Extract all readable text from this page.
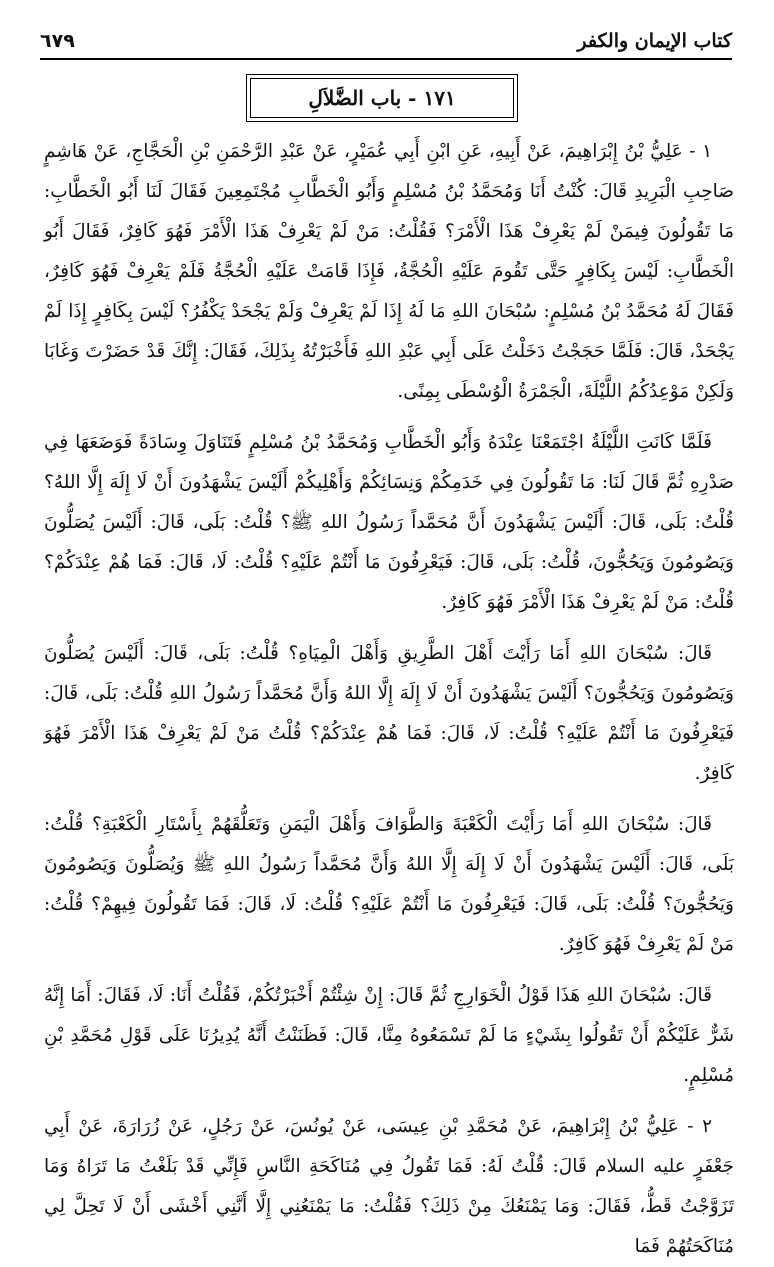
كتاب الإيمان والكفر
٦٧٩
١٧١ - باب الضَّلاَلِ

١ - عَلِيُّ بْنُ إِبْرَاهِيمَ، عَنْ أَبِيهِ، عَنِ ابْنِ أَبِي عُمَيْرٍ، عَنْ عَبْدِ الرَّحْمَنِ بْنِ الْحَجَّاجِ، عَنْ هَاشِمٍ صَاحِبِ الْبَرِيدِ قَالَ: كُنْتُ أَنَا وَمُحَمَّدُ بْنُ مُسْلِمٍ وَأَبُو الْخَطَّابِ مُجْتَمِعِينَ فَقَالَ لَنَا أَبُو الْخَطَّابِ: مَا تَقُولُونَ فِيمَنْ لَمْ يَعْرِفْ هَذَا الْأَمْرَ؟ فَقُلْتُ: مَنْ لَمْ يَعْرِفْ هَذَا الْأَمْرَ فَهُوَ كَافِرٌ، فَقَالَ أَبُو الْخَطَّابِ: لَيْسَ بِكَافِرٍ حَتَّى تَقُومَ عَلَيْهِ الْحُجَّةُ، فَإِذَا قَامَتْ عَلَيْهِ الْحُجَّةُ فَلَمْ يَعْرِفْ فَهُوَ كَافِرٌ، فَقَالَ لَهُ مُحَمَّدُ بْنُ مُسْلِمٍ: سُبْحَانَ اللهِ مَا لَهُ إِذَا لَمْ يَعْرِفْ وَلَمْ يَجْحَدْ يَكْفُرُ؟ لَيْسَ بِكَافِرٍ إِذَا لَمْ يَجْحَدْ، قَالَ: فَلَمَّا حَجَجْتُ دَخَلْتُ عَلَى أَبِي عَبْدِ اللهِ فَأَخْبَرْتُهُ بِذَلِكَ، فَقَالَ: إِنَّكَ قَدْ حَضَرْتَ وَغَابَا وَلَكِنْ مَوْعِدُكُمُ اللَّيْلَةَ، الْجَمْرَةُ الْوُسْطَى بِمِنًى.

فَلَمَّا كَانَتِ اللَّيْلَةُ اجْتَمَعْنَا عِنْدَهُ وَأَبُو الْخَطَّابِ وَمُحَمَّدُ بْنُ مُسْلِمٍ فَتَنَاوَلَ وِسَادَةً فَوَضَعَهَا فِي صَدْرِهِ ثُمَّ قَالَ لَنَا: مَا تَقُولُونَ فِي خَدَمِكُمْ وَنِسَائِكُمْ وَأَهْلِيكُمْ أَلَيْسَ يَشْهَدُونَ أَنْ لَا إِلَهَ إِلَّا اللهُ؟ قُلْتُ: بَلَى، قَالَ: أَلَيْسَ يَشْهَدُونَ أَنَّ مُحَمَّداً رَسُولُ اللهِ ﷺ؟ قُلْتُ: بَلَى، قَالَ: أَلَيْسَ يُصَلُّونَ وَيَصُومُونَ وَيَحُجُّونَ، قُلْتُ: بَلَى، قَالَ: فَيَعْرِفُونَ مَا أَنْتُمْ عَلَيْهِ؟ قُلْتُ: لَا، قَالَ: فَمَا هُمْ عِنْدَكُمْ؟ قُلْتُ: مَنْ لَمْ يَعْرِفْ هَذَا الْأَمْرَ فَهُوَ كَافِرٌ.

قَالَ: سُبْحَانَ اللهِ أَمَا رَأَيْتَ أَهْلَ الطَّرِيقِ وَأَهْلَ الْمِيَاهِ؟ قُلْتُ: بَلَى، قَالَ: أَلَيْسَ يُصَلُّونَ وَيَصُومُونَ وَيَحُجُّونَ؟ أَلَيْسَ يَشْهَدُونَ أَنْ لَا إِلَهَ إِلَّا اللهُ وَأَنَّ مُحَمَّداً رَسُولُ اللهِ قُلْتُ: بَلَى، قَالَ: فَيَعْرِفُونَ مَا أَنْتُمْ عَلَيْهِ؟ قُلْتُ: لَا، قَالَ: فَمَا هُمْ عِنْدَكُمْ؟ قُلْتُ مَنْ لَمْ يَعْرِفْ هَذَا الْأَمْرَ فَهُوَ كَافِرٌ.

قَالَ: سُبْحَانَ اللهِ أَمَا رَأَيْتَ الْكَعْبَةَ وَالطَّوَافَ وَأَهْلَ الْيَمَنِ وَتَعَلُّقَهُمْ بِأَسْتَارِ الْكَعْبَةِ؟ قُلْتُ: بَلَى، قَالَ: أَلَيْسَ يَشْهَدُونَ أَنْ لَا إِلَهَ إِلَّا اللهُ وَأَنَّ مُحَمَّداً رَسُولُ اللهِ ﷺ وَيُصَلُّونَ وَيَصُومُونَ وَيَحُجُّونَ؟ قُلْتُ: بَلَى، قَالَ: فَيَعْرِفُونَ مَا أَنْتُمْ عَلَيْهِ؟ قُلْتُ: لَا، قَالَ: فَمَا تَقُولُونَ فِيهِمْ؟ قُلْتُ: مَنْ لَمْ يَعْرِفْ فَهُوَ كَافِرٌ.

قَالَ: سُبْحَانَ اللهِ هَذَا قَوْلُ الْخَوَارِجِ ثُمَّ قَالَ: إِنْ شِئْتُمْ أَخْبَرْتُكُمْ، فَقُلْتُ أَنَا: لَا، فَقَالَ: أَمَا إِنَّهُ شَرٌّ عَلَيْكُمْ أَنْ تَقُولُوا بِشَيْءٍ مَا لَمْ تَسْمَعُوهُ مِنَّا، قَالَ: فَظَنَنْتُ أَنَّهُ يُدِيرُنَا عَلَى قَوْلِ مُحَمَّدِ بْنِ مُسْلِمٍ.

٢ - عَلِيُّ بْنُ إِبْرَاهِيمَ، عَنْ مُحَمَّدِ بْنِ عِيسَى، عَنْ يُونُسَ، عَنْ رَجُلٍ، عَنْ زُرَارَةَ، عَنْ أَبِي جَعْفَرٍ عليه السلام قَالَ: قُلْتُ لَهُ: فَمَا تَقُولُ فِي مُنَاكَحَةِ النَّاسِ فَإِنِّي قَدْ بَلَغْتُ مَا تَرَاهُ وَمَا تَزَوَّجْتُ قَطُّ، فَقَالَ: وَمَا يَمْنَعُكَ مِنْ ذَلِكَ؟ فَقُلْتُ: مَا يَمْنَعُنِي إِلَّا أَنَّنِي أَخْشَى أَنْ لَا تَحِلَّ لِي مُنَاكَحَتُهُمْ فَمَا
